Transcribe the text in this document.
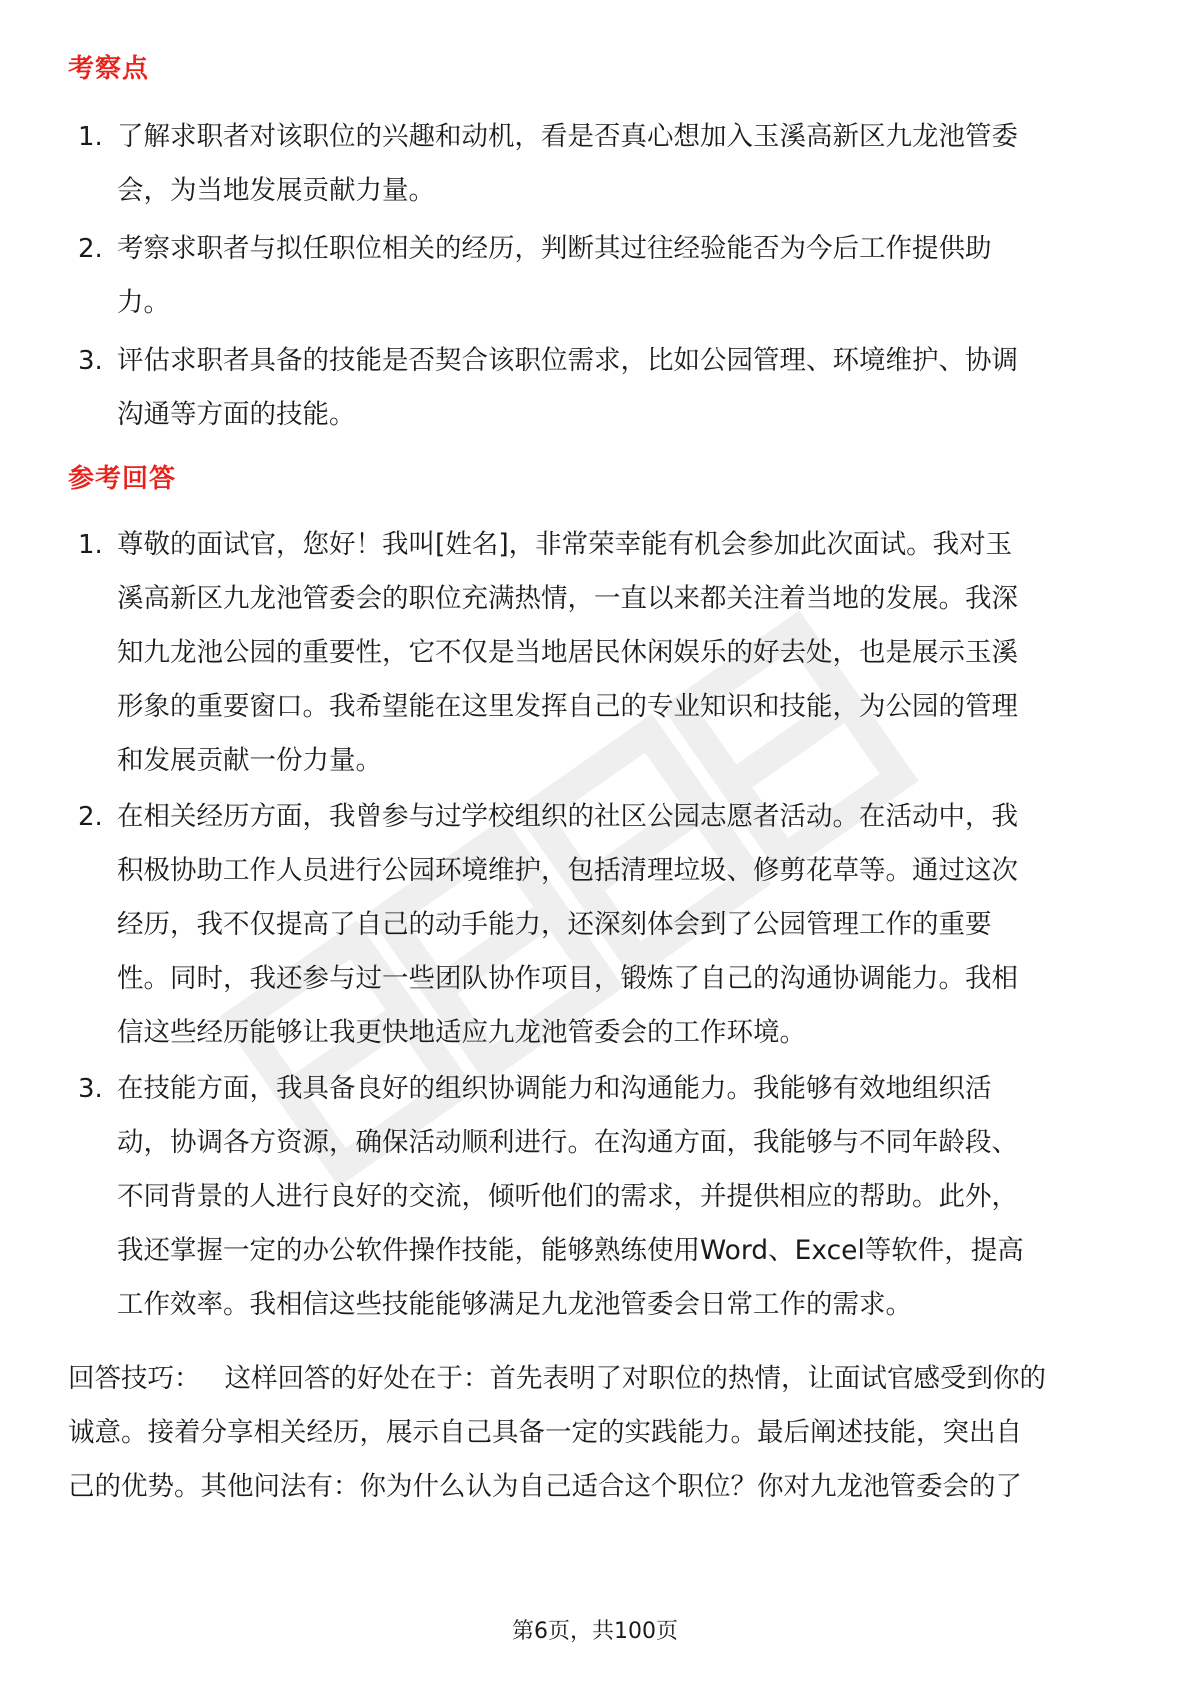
考察点
1. 了解求职者对该职位的兴趣和动机，看是否真心想加入玉溪高新区九龙池管委会，为当地发展贡献力量。
2. 考察求职者与拟任职位相关的经历，判断其过往经验能否为今后工作提供助力。
3. 评估求职者具备的技能是否契合该职位需求，比如公园管理、环境维护、协调沟通等方面的技能。
参考回答
1. 尊敬的面试官，您好！我叫[姓名]，非常荣幸能有机会参加此次面试。我对玉溪高新区九龙池管委会的职位充满热情，一直以来都关注着当地的发展。我深知九龙池公园的重要性，它不仅是当地居民休闲娱乐的好去处，也是展示玉溪形象的重要窗口。我希望能在这里发挥自己的专业知识和技能，为公园的管理和发展贡献一份力量。
2. 在相关经历方面，我曾参与过学校组织的社区公园志愿者活动。在活动中，我积极协助工作人员进行公园环境维护，包括清理垃圾、修剪花草等。通过这次经历，我不仅提高了自己的动手能力，还深刻体会到了公园管理工作的重要性。同时，我还参与过一些团队协作项目，锻炼了自己的沟通协调能力。我相信这些经历能够让我更快地适应九龙池管委会的工作环境。
3. 在技能方面，我具备良好的组织协调能力和沟通能力。我能够有效地组织活动，协调各方资源，确保活动顺利进行。在沟通方面，我能够与不同年龄段、不同背景的人进行良好的交流，倾听他们的需求，并提供相应的帮助。此外，我还掌握一定的办公软件操作技能，能够熟练使用Word、Excel等软件，提高工作效率。我相信这些技能能够满足九龙池管委会日常工作的需求。

回答技巧： 这样回答的好处在于：首先表明了对职位的热情，让面试官感受到你的诚意。接着分享相关经历，展示自己具备一定的实践能力。最后阐述技能，突出自己的优势。其他问法有：你为什么认为自己适合这个职位？你对九龙池管委会的了

第6页，共100页
